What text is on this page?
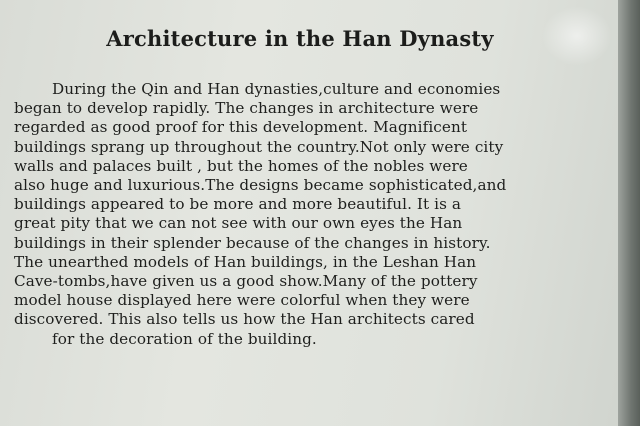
Architecture in the Han Dynasty
During the Qin and Han dynasties,culture and economies
began to develop rapidly. The changes in architecture were
regarded as good proof for this development. Magnificent
buildings sprang up throughout the country.Not only were city
walls and palaces built , but the homes of the nobles were
also huge and luxurious.The designs became sophisticated,and
buildings appeared to be more and more beautiful. It is a
great pity that we can not see with our own eyes the Han
buildings in their splender because of the changes in history.
The unearthed models of Han buildings, in the Leshan Han
Cave-tombs,have given us a good show.Many of the pottery
model house displayed here were colorful when they were
discovered. This also tells us how the Han architects cared
for the decoration of the building.
